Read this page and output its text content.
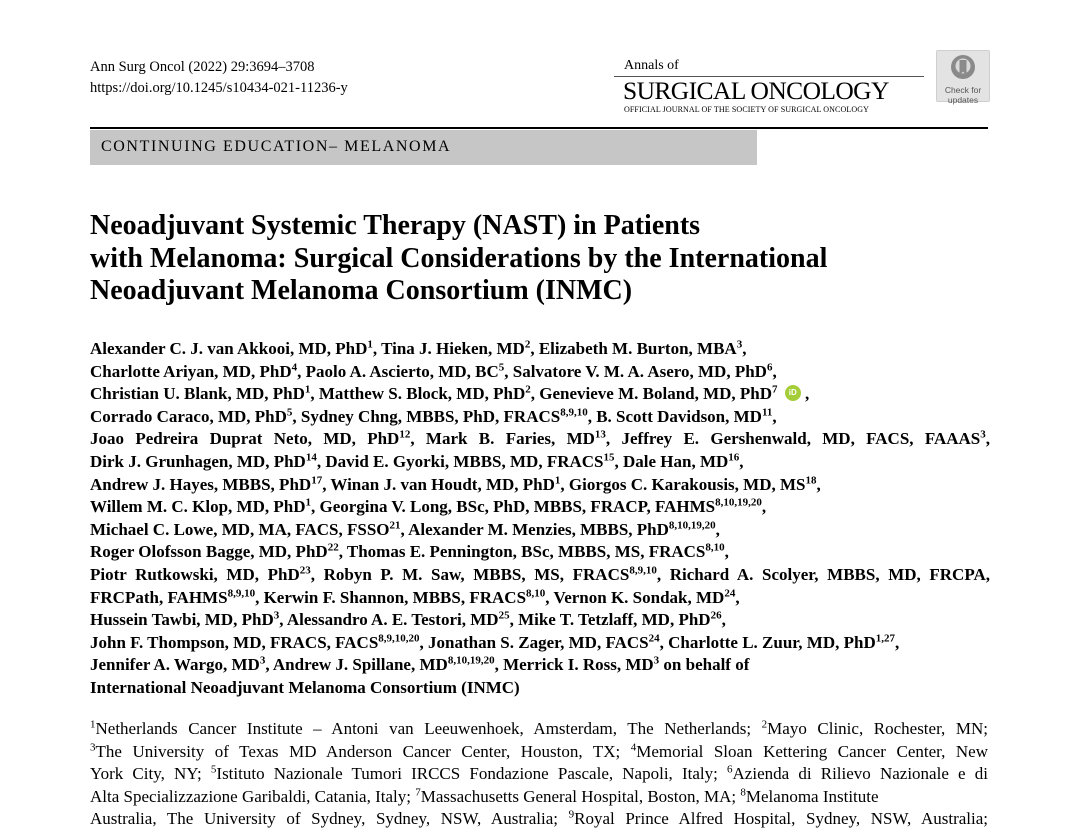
Ann Surg Oncol (2022) 29:3694–3708
https://doi.org/10.1245/s10434-021-11236-y
Annals of
SURGICAL ONCOLOGY
OFFICIAL JOURNAL OF THE SOCIETY OF SURGICAL ONCOLOGY
Check for
updates
CONTINUING EDUCATION– MELANOMA
Neoadjuvant Systemic Therapy (NAST) in Patients
with Melanoma: Surgical Considerations by the International
Neoadjuvant Melanoma Consortium (INMC)
Alexander C. J. van Akkooi, MD, PhD$^1$, Tina J. Hieken, $MD^2$, Elizabeth M. Burton, MBA$^3$,
Charlotte Ariyan, MD, PhD$^4$, Paolo A. Ascierto, MD, $BC^5$, Salvatore V. M. A. Asero, MD, PhD$^6$,
Christian U. Blank, MD, PhD$^1$, Matthew S. Block, MD, PhD$^2$, Genevieve M. Boland, MD, PhD$^7$	iD ,
Corrado Caraco, MD, PhD$^5$, Sydney Chng, MBBS, PhD, FRACS$^{8,9,10}$, B. Scott Davidson, MD$^{11}$,
Joao Pedreira Duprat Neto, MD, PhD$^{12}$, Mark B. Faries, MD$^{13}$, Jeffrey E. Gershenwald, MD, FACS, FAAAS$^3$,
Dirk J. Grunhagen, MD, PhD$^{14}$, David E. Gyorki, MBBS, MD, FRACS$^{15}$, Dale Han, MD$^{16}$,
Andrew J. Hayes, MBBS, PhD$^{17}$, Winan J. van Houdt, MD, PhD$^1$, Giorgos C. Karakousis, MD, MS$^{18}$,
Willem M. C. Klop, MD, PhD$^1$, Georgina V. Long, BSc, PhD, MBBS, FRACP, FAHMS$^{8,10,19,20}$,
Michael C. Lowe, MD, MA, FACS, FSSO$^{21}$, Alexander M. Menzies, MBBS, PhD$^{8,10,19,20}$,
Roger Olofsson Bagge, MD, PhD$^{22}$, Thomas E. Pennington, BSc, MBBS, MS, FRACS$^{8,10}$,
Piotr Rutkowski, MD, PhD$^{23}$, Robyn P. M. Saw, MBBS, MS, FRACS$^{8,9,10}$, Richard A. Scolyer, MBBS, MD, FRCPA,
FRCPath, FAHMS$^{8,9,10}$, Kerwin F. Shannon, MBBS, FRACS$^{8,10}$, Vernon K. Sondak, MD$^{24}$,
Hussein Tawbi, MD, PhD$^3$, Alessandro A. E. Testori, MD$^{25}$, Mike T. Tetzlaff, MD, PhD$^{26}$,
John F. Thompson, MD, FRACS, FACS$^{8,9,10,20}$, Jonathan S. Zager, MD, FACS$^{24}$, Charlotte L. Zuur, MD, PhD$^{1,27}$,
Jennifer A. Wargo, $MD^3$, Andrew J. Spillane, MD$^{8,10,19,20}$, Merrick I. Ross, $MD^3$ on behalf of
International Neoadjuvant Melanoma Consortium (INMC)
$^1$Netherlands Cancer Institute – Antoni van Leeuwenhoek, Amsterdam, The Netherlands; $^2$Mayo Clinic, Rochester, MN;
$^3$The University of Texas MD Anderson Cancer Center, Houston, TX; $^4$Memorial Sloan Kettering Cancer Center, New
York City, NY; $^5$Istituto Nazionale Tumori IRCCS Fondazione Pascale, Napoli, Italy; $^6$Azienda di Rilievo Nazionale e di
Alta Specializzazione Garibaldi, Catania, Italy; $^7$Massachusetts General Hospital, Boston, MA; $^8$Melanoma Institute
Australia, The University of Sydney, Sydney, NSW, Australia; $^9$Royal Prince Alfred Hospital, Sydney, NSW, Australia;
